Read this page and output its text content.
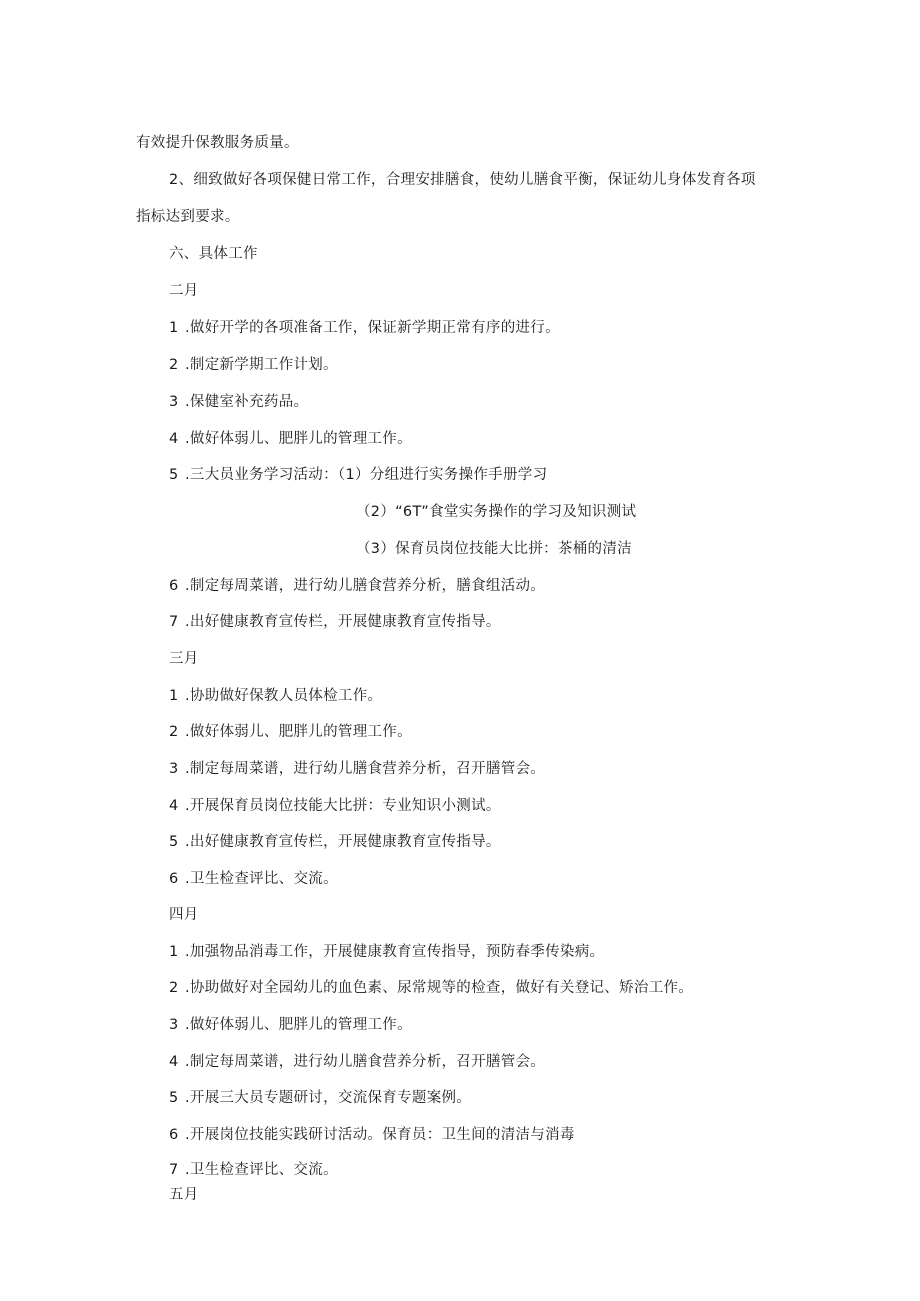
有效提升保教服务质量。
2、细致做好各项保健日常工作，合理安排膳食，使幼儿膳食平衡，保证幼儿身体发育各项
指标达到要求。
六、具体工作
二月
1 .做好开学的各项准备工作，保证新学期正常有序的进行。
2 .制定新学期工作计划。
3 .保健室补充药品。
4 .做好体弱儿、肥胖儿的管理工作。
5 .三大员业务学习活动：（1）分组进行实务操作手册学习
（2）“6T”食堂实务操作的学习及知识测试
（3）保育员岗位技能大比拼：茶桶的清洁
6 .制定每周菜谱，进行幼儿膳食营养分析，膳食组活动。
7 .出好健康教育宣传栏，开展健康教育宣传指导。
三月
1 .协助做好保教人员体检工作。
2 .做好体弱儿、肥胖儿的管理工作。
3 .制定每周菜谱，进行幼儿膳食营养分析，召开膳管会。
4 .开展保育员岗位技能大比拼：专业知识小测试。
5 .出好健康教育宣传栏，开展健康教育宣传指导。
6 .卫生检查评比、交流。
四月
1 .加强物品消毒工作，开展健康教育宣传指导，预防春季传染病。
2 .协助做好对全园幼儿的血色素、尿常规等的检查，做好有关登记、矫治工作。
3 .做好体弱儿、肥胖儿的管理工作。
4 .制定每周菜谱，进行幼儿膳食营养分析，召开膳管会。
5 .开展三大员专题研讨，交流保育专题案例。
6 .开展岗位技能实践研讨活动。保育员：卫生间的清洁与消毒
7 .卫生检查评比、交流。
五月
